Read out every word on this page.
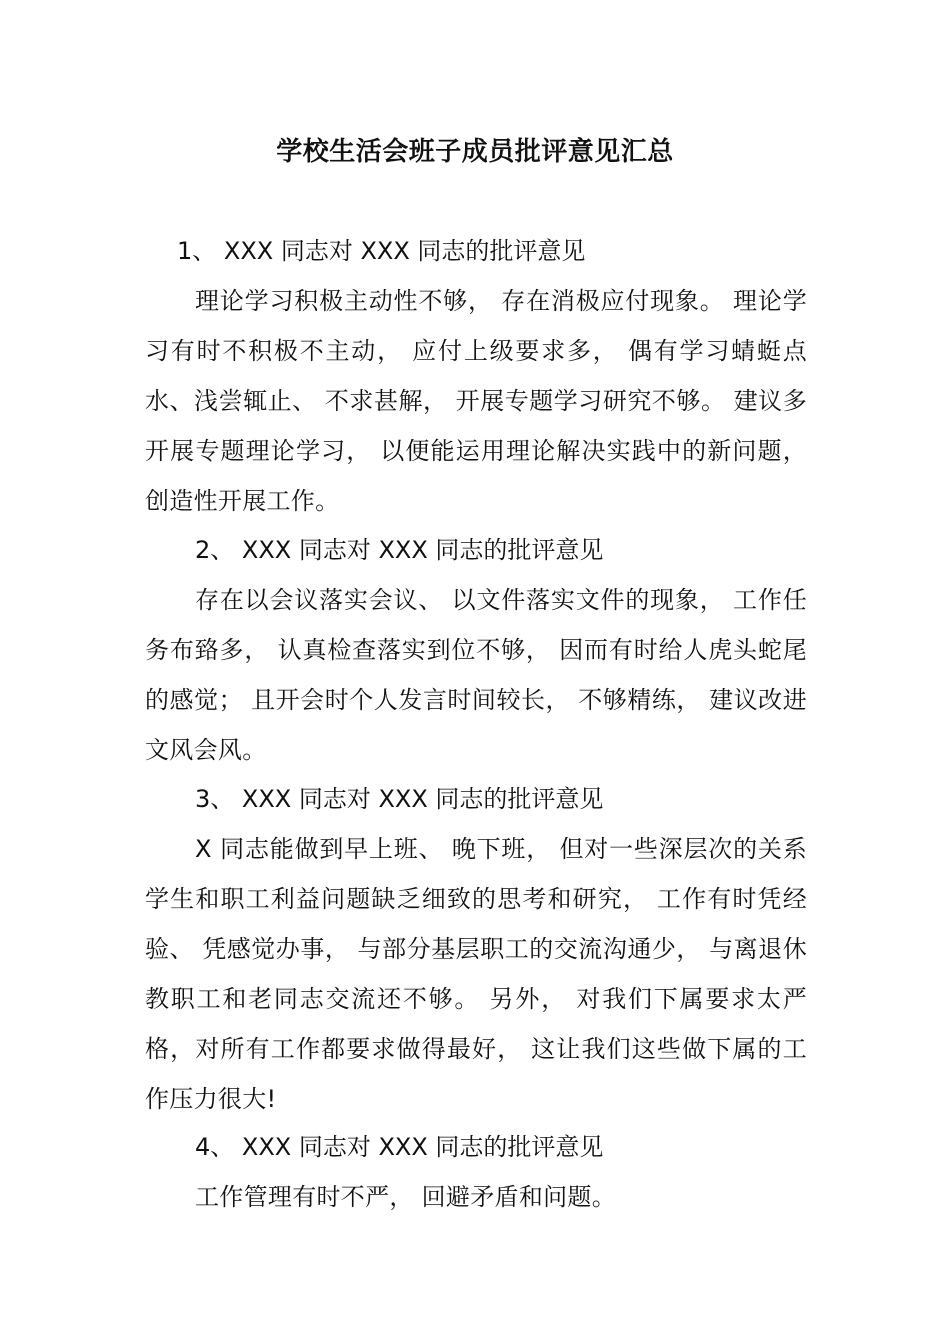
学校生活会班子成员批评意见汇总

1、 XXX 同志对 XXX 同志的批评意见

理论学习积极主动性不够， 存在消极应付现象。 理论学习有时不积极不主动， 应付上级要求多， 偶有学习蜻蜓点水、浅尝辄止、 不求甚解， 开展专题学习研究不够。 建议多开展专题理论学习， 以便能运用理论解决实践中的新问题， 创造性开展工作。

2、 XXX 同志对 XXX 同志的批评意见

存在以会议落实会议、 以文件落实文件的现象， 工作任务布臵多， 认真检查落实到位不够， 因而有时给人虎头蛇尾的感觉； 且开会时个人发言时间较长， 不够精练， 建议改进文风会风。

3、 XXX 同志对 XXX 同志的批评意见

X 同志能做到早上班、 晚下班， 但对一些深层次的关系学生和职工利益问题缺乏细致的思考和研究， 工作有时凭经验、 凭感觉办事， 与部分基层职工的交流沟通少， 与离退休教职工和老同志交流还不够。 另外， 对我们下属要求太严格，对所有工作都要求做得最好， 这让我们这些做下属的工作压力很大!

4、 XXX 同志对 XXX 同志的批评意见

工作管理有时不严， 回避矛盾和问题。
